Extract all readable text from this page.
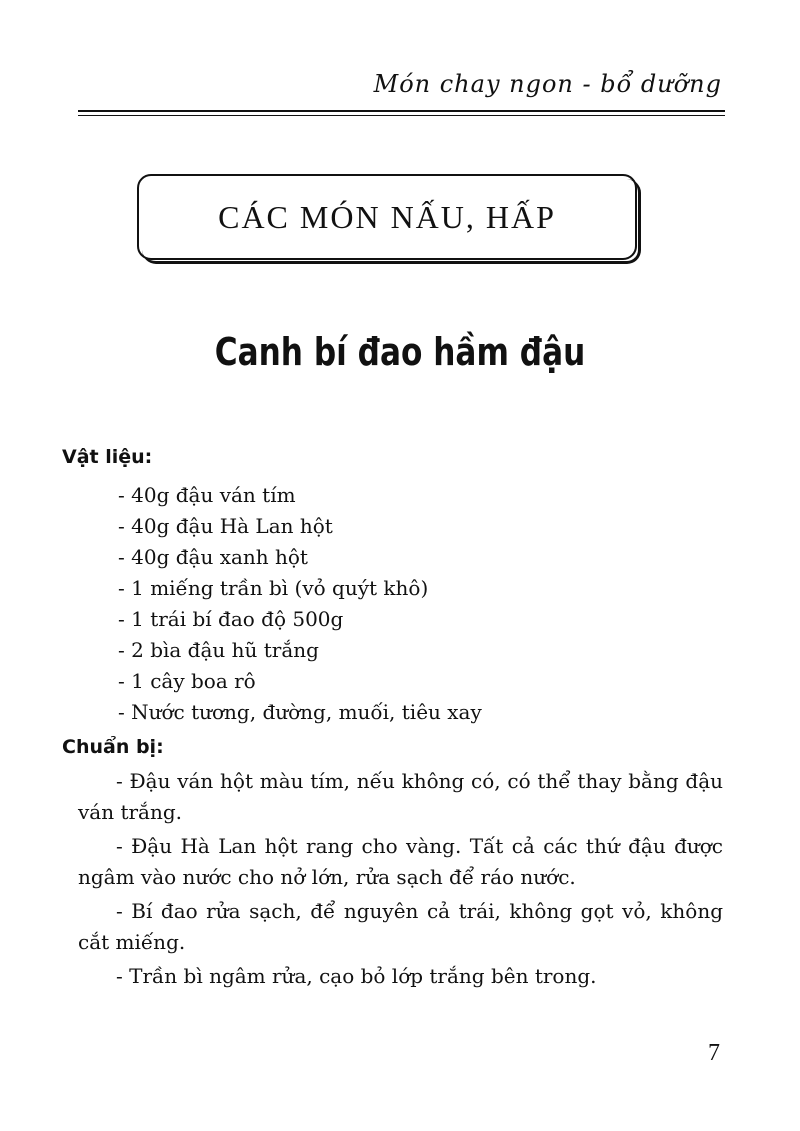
Món chay ngon - bổ dưỡng
CÁC MÓN NẤU, HẤP
Canh bí đao hầm đậu
Vật liệu:
- 40g đậu ván tím
- 40g đậu Hà Lan hột
- 40g đậu xanh hột
- 1 miếng trần bì (vỏ quýt khô)
- 1 trái bí đao độ 500g
- 2 bìa đậu hũ trắng
- 1 cây boa rô
- Nước tương, đường, muối, tiêu xay
Chuẩn bị:

- Đậu ván hột màu tím, nếu không có, có thể thay bằng đậu ván trắng.

- Đậu Hà Lan hột rang cho vàng. Tất cả các thứ đậu được ngâm vào nước cho nở lớn, rửa sạch để ráo nước.

- Bí đao rửa sạch, để nguyên cả trái, không gọt vỏ, không cắt miếng.

- Trần bì ngâm rửa, cạo bỏ lớp trắng bên trong.

7
